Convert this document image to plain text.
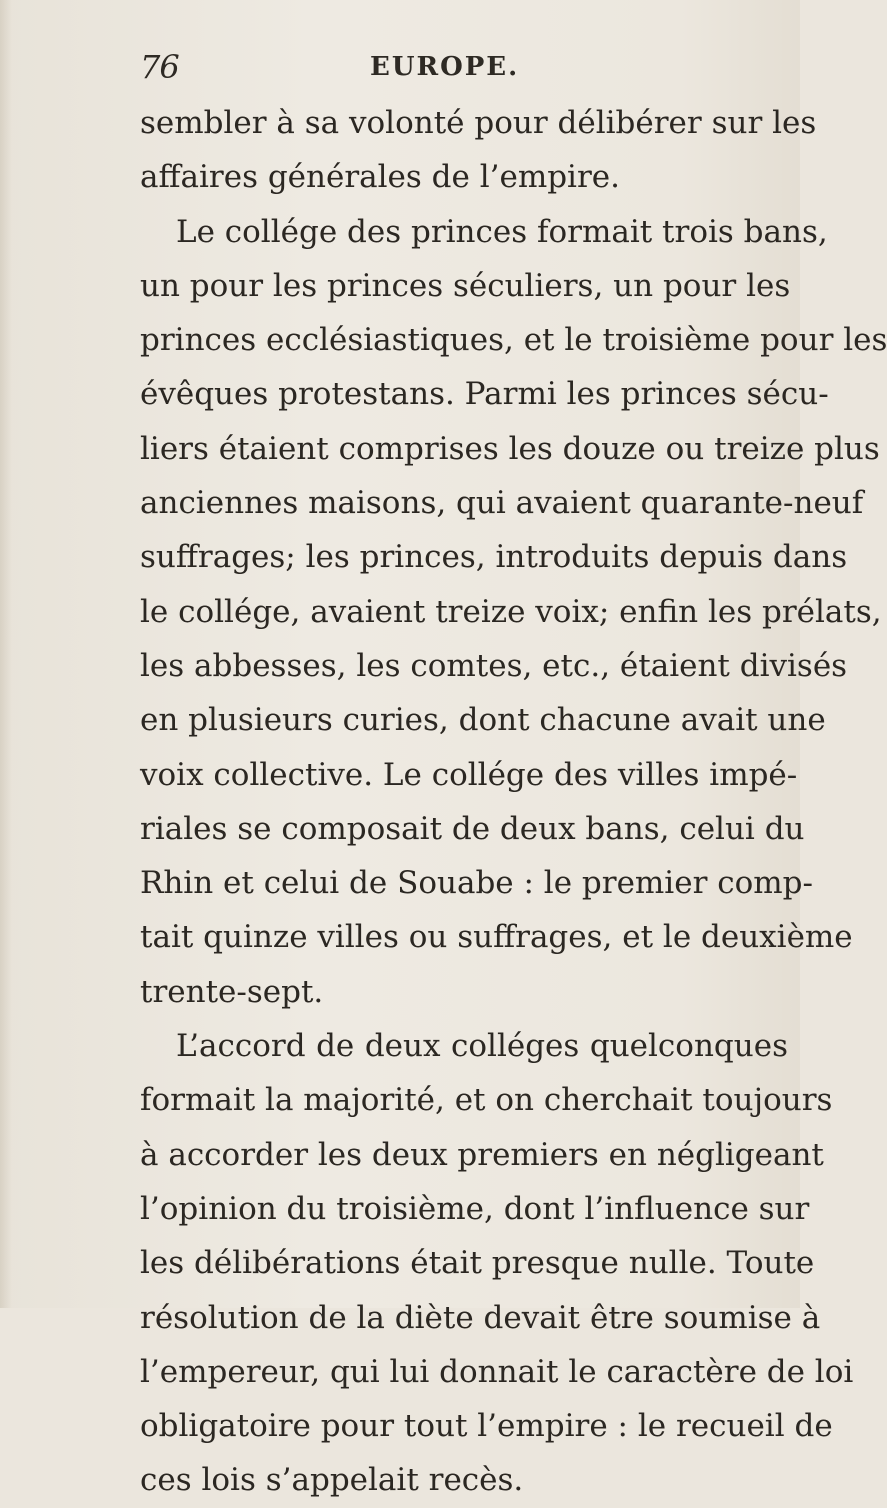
76	EUROPE.
sembler à sa volonté pour délibérer sur les
affaires générales de l’empire.
Le collége des princes formait trois bans,
un pour les princes séculiers, un pour les
princes ecclésiastiques, et le troisième pour les
évêques protestans. Parmi les princes sécu-
liers étaient comprises les douze ou treize plus
anciennes maisons, qui avaient quarante-neuf
suffrages; les princes, introduits depuis dans
le collége, avaient treize voix; enfin les prélats,
les abbesses, les comtes, etc., étaient divisés
en plusieurs curies, dont chacune avait une
voix collective. Le collége des villes impé-
riales se composait de deux bans, celui du
Rhin et celui de Souabe : le premier comp-
tait quinze villes ou suffrages, et le deuxième
trente-sept.
L’accord de deux colléges quelconques
formait la majorité, et on cherchait toujours
à accorder les deux premiers en négligeant
l’opinion du troisième, dont l’influence sur
les délibérations était presque nulle. Toute
résolution de la diète devait être soumise à
l’empereur, qui lui donnait le caractère de loi
obligatoire pour tout l’empire : le recueil de
ces lois s’appelait recès.
